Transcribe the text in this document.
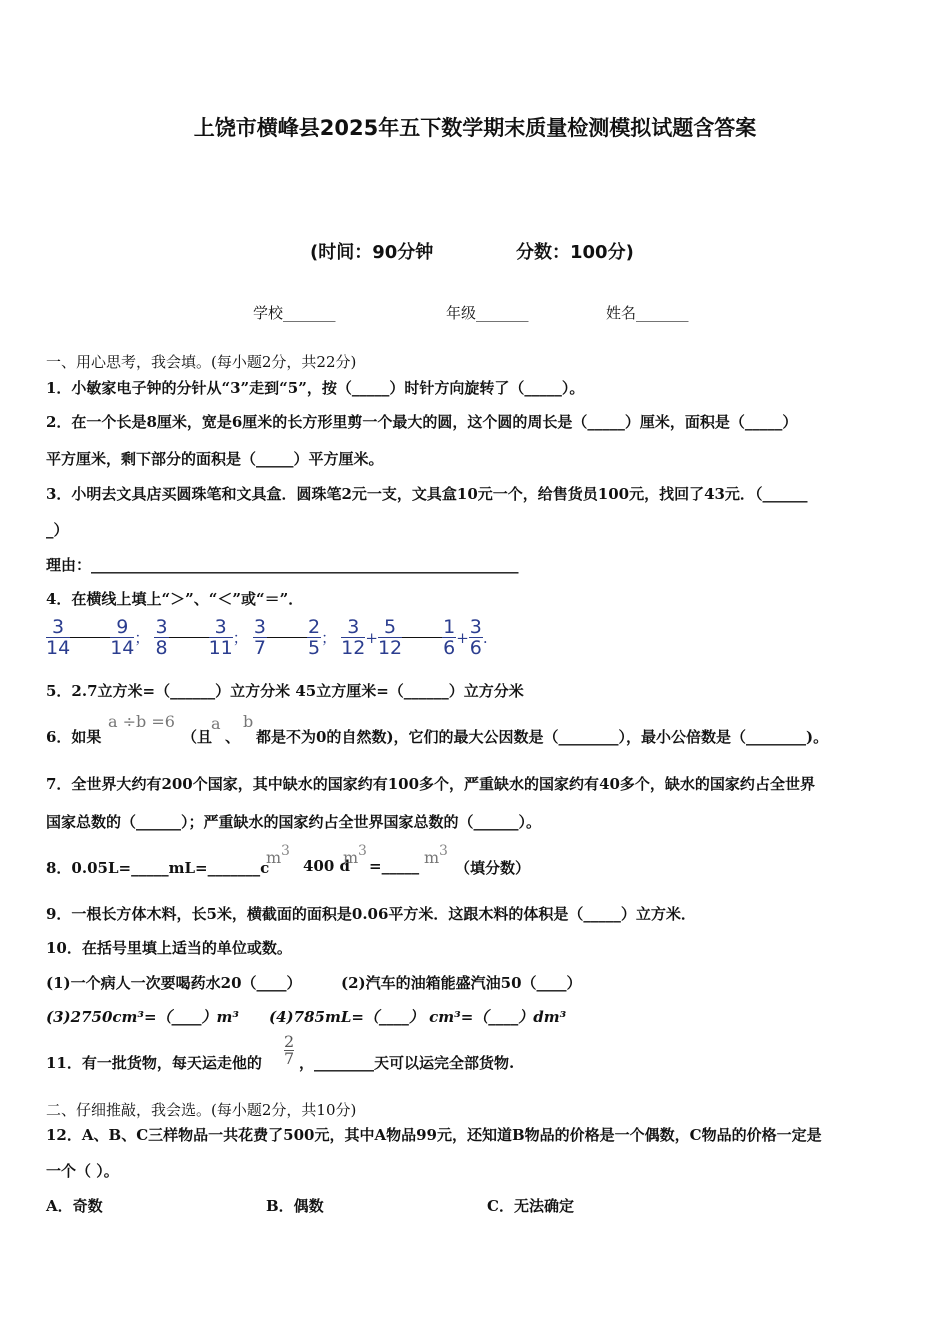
上饶市横峰县2025年五下数学期末质量检测模拟试题含答案
(时间：90分钟	分数：100分)
学校_______	年级_______	姓名_______
一、用心思考，我会填。(每小题2分，共22分)
1．小敏家电子钟的分针从“3”走到“5”，按（_____）时针方向旋转了（_____）。
2．在一个长是8厘米，宽是6厘米的长方形里剪一个最大的圆，这个圆的周长是（_____）厘米，面积是（_____）
平方厘米，剩下部分的面积是（_____）平方厘米。
3．小明去文具店买圆珠笔和文具盒．圆珠笔2元一支，文具盒10元一个，给售货员100元，找回了43元．（______
_）
理由：_________________________________________________________
4．在横线上填上“＞”、“＜”或“＝”．
$\frac{3}{14} \frac{9}{14}$ ； $\frac{3}{8} \frac{3}{11}$ ； $\frac{3}{7} \frac{2}{5}$ ； $\frac{3}{12} + \frac{5}{12} \frac{1}{6} + \frac{3}{6}$ .
5．2.7立方米=（______）立方分米 45立方厘米=（______）立方分米
6．如果
a ÷b =6
（且
a
、
b
都是不为0的自然数)，它们的最大公因数是（________），最小公倍数是（________)。
7．全世界大约有200个国家，其中缺水的国家约有100多个，严重缺水的国家约有40多个，缺水的国家约占全世界
国家总数的（______）；严重缺水的国家约占全世界国家总数的（______）。
8．0.05L=_____mL=_______c
m 3
400 d
m 3
=_____ m 3
（填分数）
9．一根长方体木料，长5米，横截面的面积是0.06平方米．这跟木料的体积是（_____）立方米．
10．在括号里填上适当的单位或数。
(1)一个病人一次要喝药水20（____）	(2)汽车的油箱能盛汽油50（____）
(3)2750cm³=（____）m³ (4)785mL=（____） cm³=（____）dm³
11．有一批货物，每天运走他的
2
7 ，________天可以运完全部货物.
二、仔细推敲，我会选。(每小题2分，共10分)
12．A、B、C三样物品一共花费了500元，其中A物品99元，还知道B物品的价格是一个偶数，C物品的价格一定是
一个（ ）。
A．奇数	B．偶数	C．无法确定
